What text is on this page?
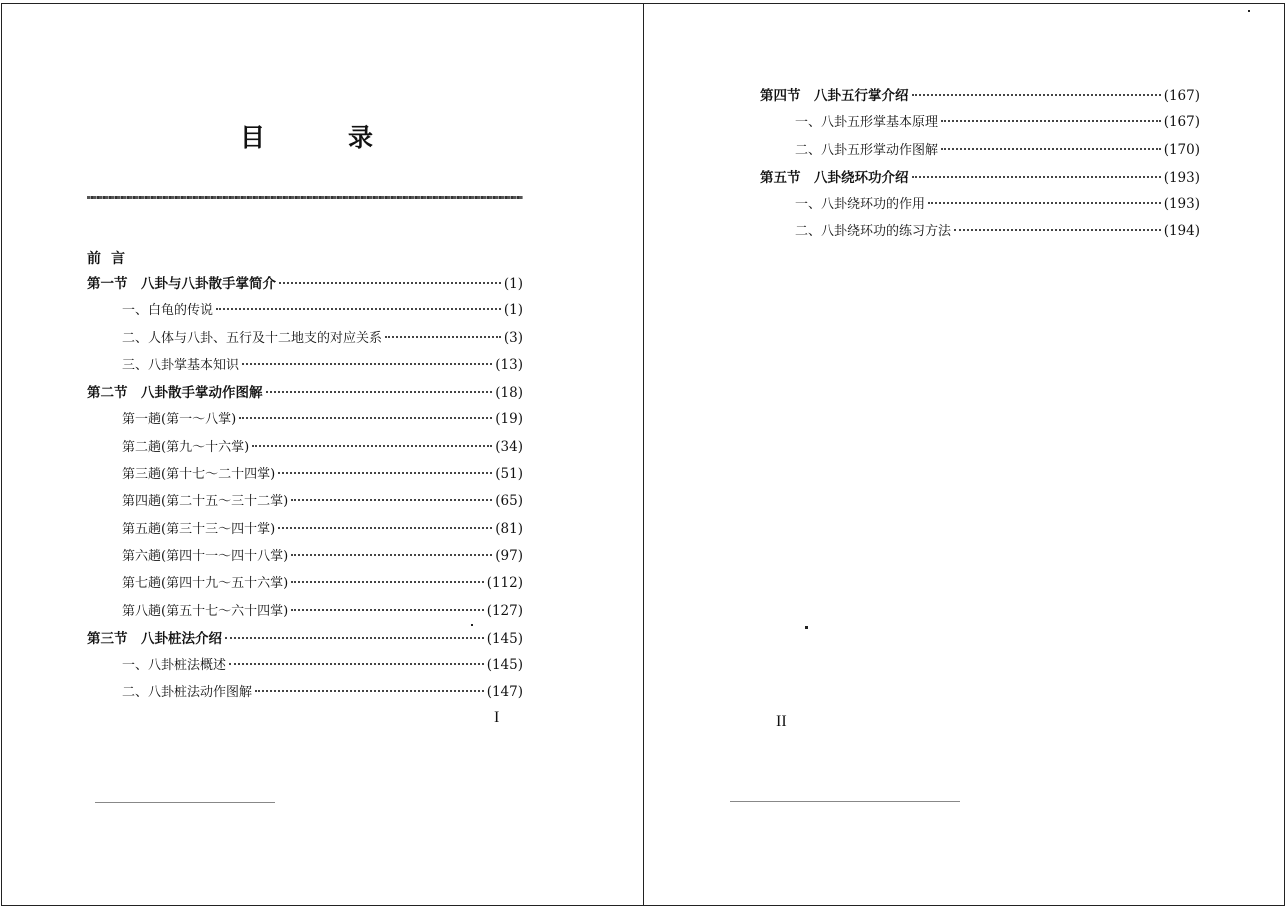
目	录
前言
第一节　八卦与八卦散手掌简介	(1)
一、白龟的传说	(1)
二、人体与八卦、五行及十二地支的对应关系	(3)
三、八卦掌基本知识	(13)
第二节　八卦散手掌动作图解	(18)
第一趟(第一～八掌)	(19)
第二趟(第九～十六掌)	(34)
第三趟(第十七～二十四掌)	(51)
第四趟(第二十五～三十二掌)	(65)
第五趟(第三十三～四十掌)	(81)
第六趟(第四十一～四十八掌)	(97)
第七趟(第四十九～五十六掌)	(112)
第八趟(第五十七～六十四掌)	(127)
第三节　八卦桩法介绍	(145)
一、八卦桩法概述	(145)
二、八卦桩法动作图解	(147)
第四节　八卦五行掌介绍	(167)
一、八卦五形掌基本原理	(167)
二、八卦五形掌动作图解	(170)
第五节　八卦绕环功介绍	(193)
一、八卦绕环功的作用	(193)
二、八卦绕环功的练习方法	(194)
I	II
